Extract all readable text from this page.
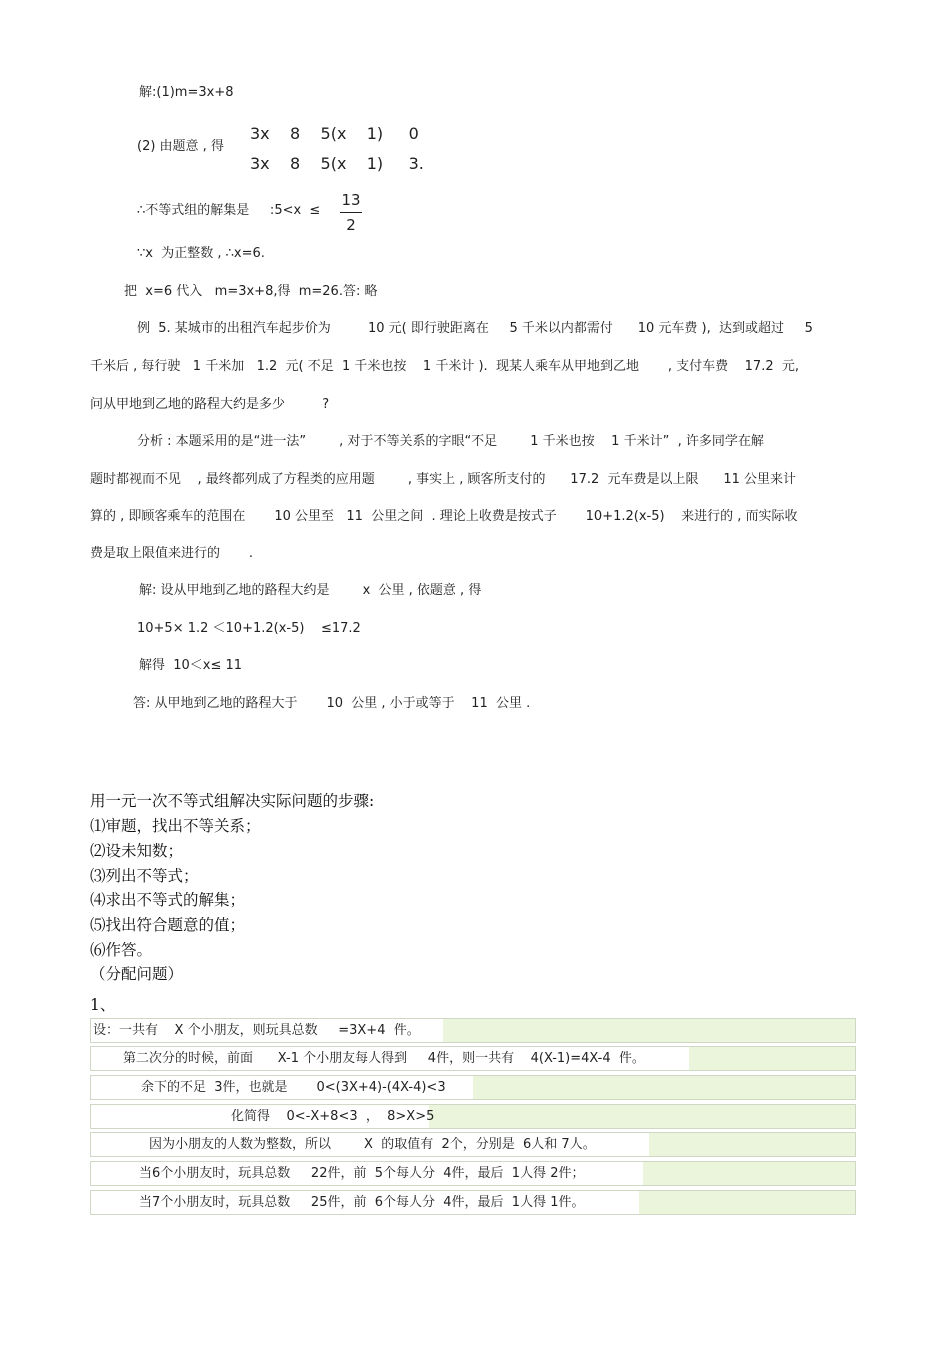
解:(1)m=3x+8
(2) 由题意 , 得
3x    8    5(x    1)     0
3x    8    5(x    1)     3.
∴不等式组的解集是     :5<x  ≤
13
2
∵x  为正整数 , ∴x=6.
把  x=6 代入   m=3x+8,得  m=26.答: 略
例  5. 某城市的出租汽车起步价为         10 元( 即行驶距离在     5 千米以内都需付      10 元车费 ),  达到或超过     5
千米后 , 每行驶   1 千米加   1.2  元( 不足  1 千米也按    1 千米计 ).  现某人乘车从甲地到乙地       , 支付车费    17.2  元,
问从甲地到乙地的路程大约是多少         ?
分析 : 本题采用的是“进一法”        , 对于不等关系的字眼“不足        1 千米也按    1 千米计”  , 许多同学在解
题时都视而不见    , 最终都列成了方程类的应用题        , 事实上 , 顾客所支付的      17.2  元车费是以上限      11 公里来计
算的 , 即顾客乘车的范围在       10 公里至   11  公里之间  . 理论上收费是按式子       10+1.2(x-5)    来进行的 , 而实际收
费是取上限值来进行的       .
解: 设从甲地到乙地的路程大约是        x  公里 , 依题意 , 得
10+5× 1.2 ＜10+1.2(x-5)    ≤17.2
解得  10＜x≤ 11
答: 从甲地到乙地的路程大于       10  公里 , 小于或等于    11  公里 .
用一元一次不等式组解决实际问题的步骤:
⑴审题，找出不等关系；
⑵设未知数；
⑶列出不等式；
⑷求出不等式的解集；
⑸找出符合题意的值；
⑹作答。
（分配问题）
1、
设：一共有    X 个小朋友，则玩具总数     =3X+4  件。
第二次分的时候，前面      X-1 个小朋友每人得到     4件，则一共有    4(X-1)=4X-4  件。
余下的不足  3件，也就是       0<(3X+4)-(4X-4)<3
化简得    0<-X+8<3  ，  8>X>5
因为小朋友的人数为整数，所以        X  的取值有  2个，分别是  6人和 7人。
当6个小朋友时，玩具总数     22件，前  5个每人分  4件，最后  1人得 2件；
当7个小朋友时，玩具总数     25件，前  6个每人分  4件，最后  1人得 1件。
